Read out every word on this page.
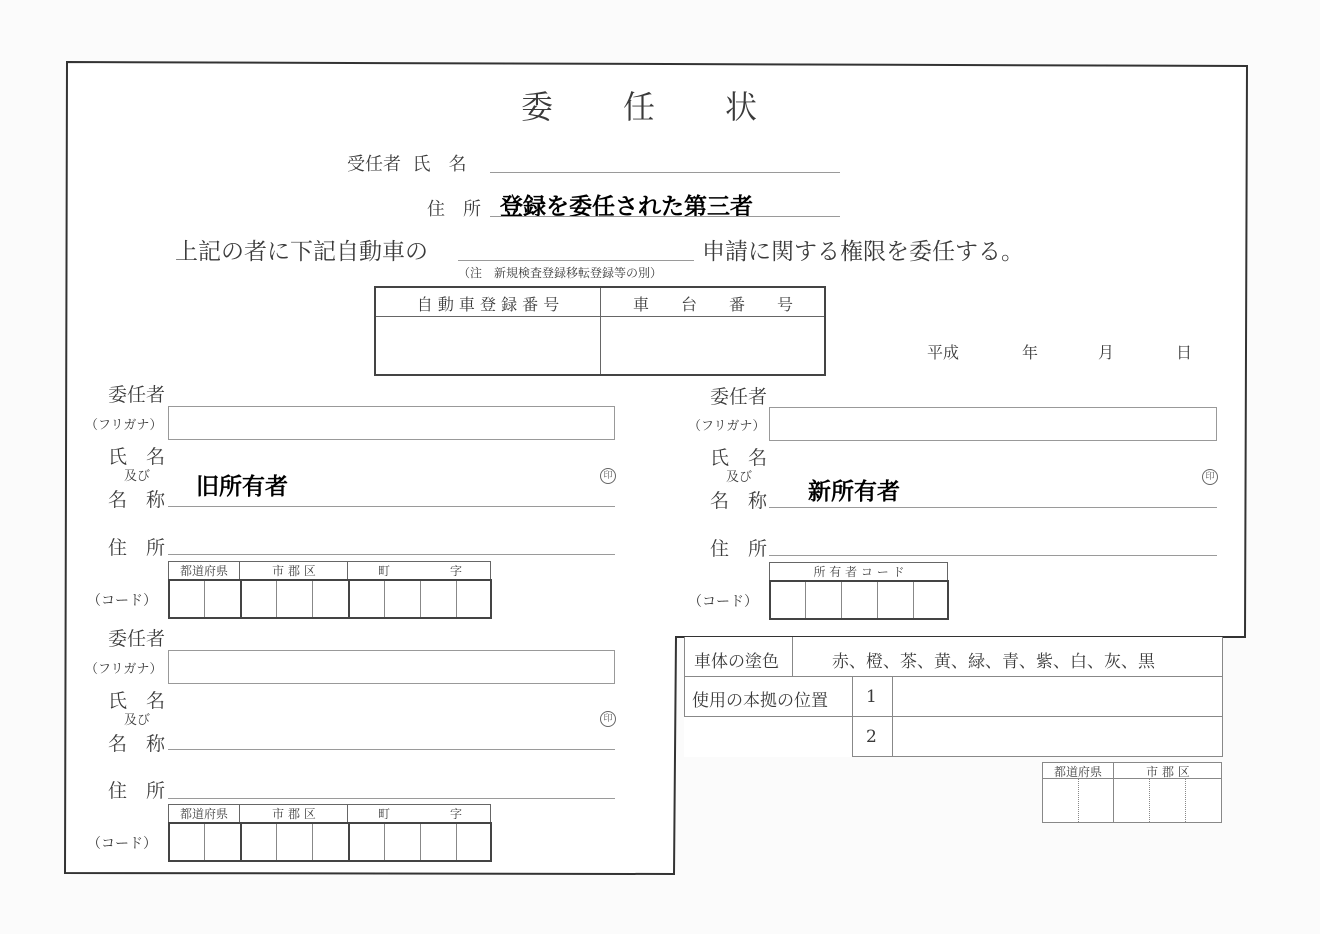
委　　任　　状
受任者 氏　名
住　所 登録を委任された第三者
上記の者に下記自動車の	申請に関する権限を委任する。
（注　新規検査登録移転登録等の別）
自 動 車 登 録 番 号	車　　台　　番　　号
平成	年	月	日
委任者
（フリガナ）
氏　名
及び
名　称 旧所有者	印
住　所
（コード）
都道府県	市 郡 区	町	字
委任者
（フリガナ）
氏　名
及び
名　称
印
住　所
（コード）
都道府県	市 郡 区	町	字
委任者
（フリガナ）
氏　名
及び
名　称 新所有者
印
住　所
（コード）
所 有 者 コ ー ド
車体の塗色	赤、橙、茶、黄、緑、青、紫、白、灰、黒
使用の本拠の位置 1
2
都道府県	市 郡 区
